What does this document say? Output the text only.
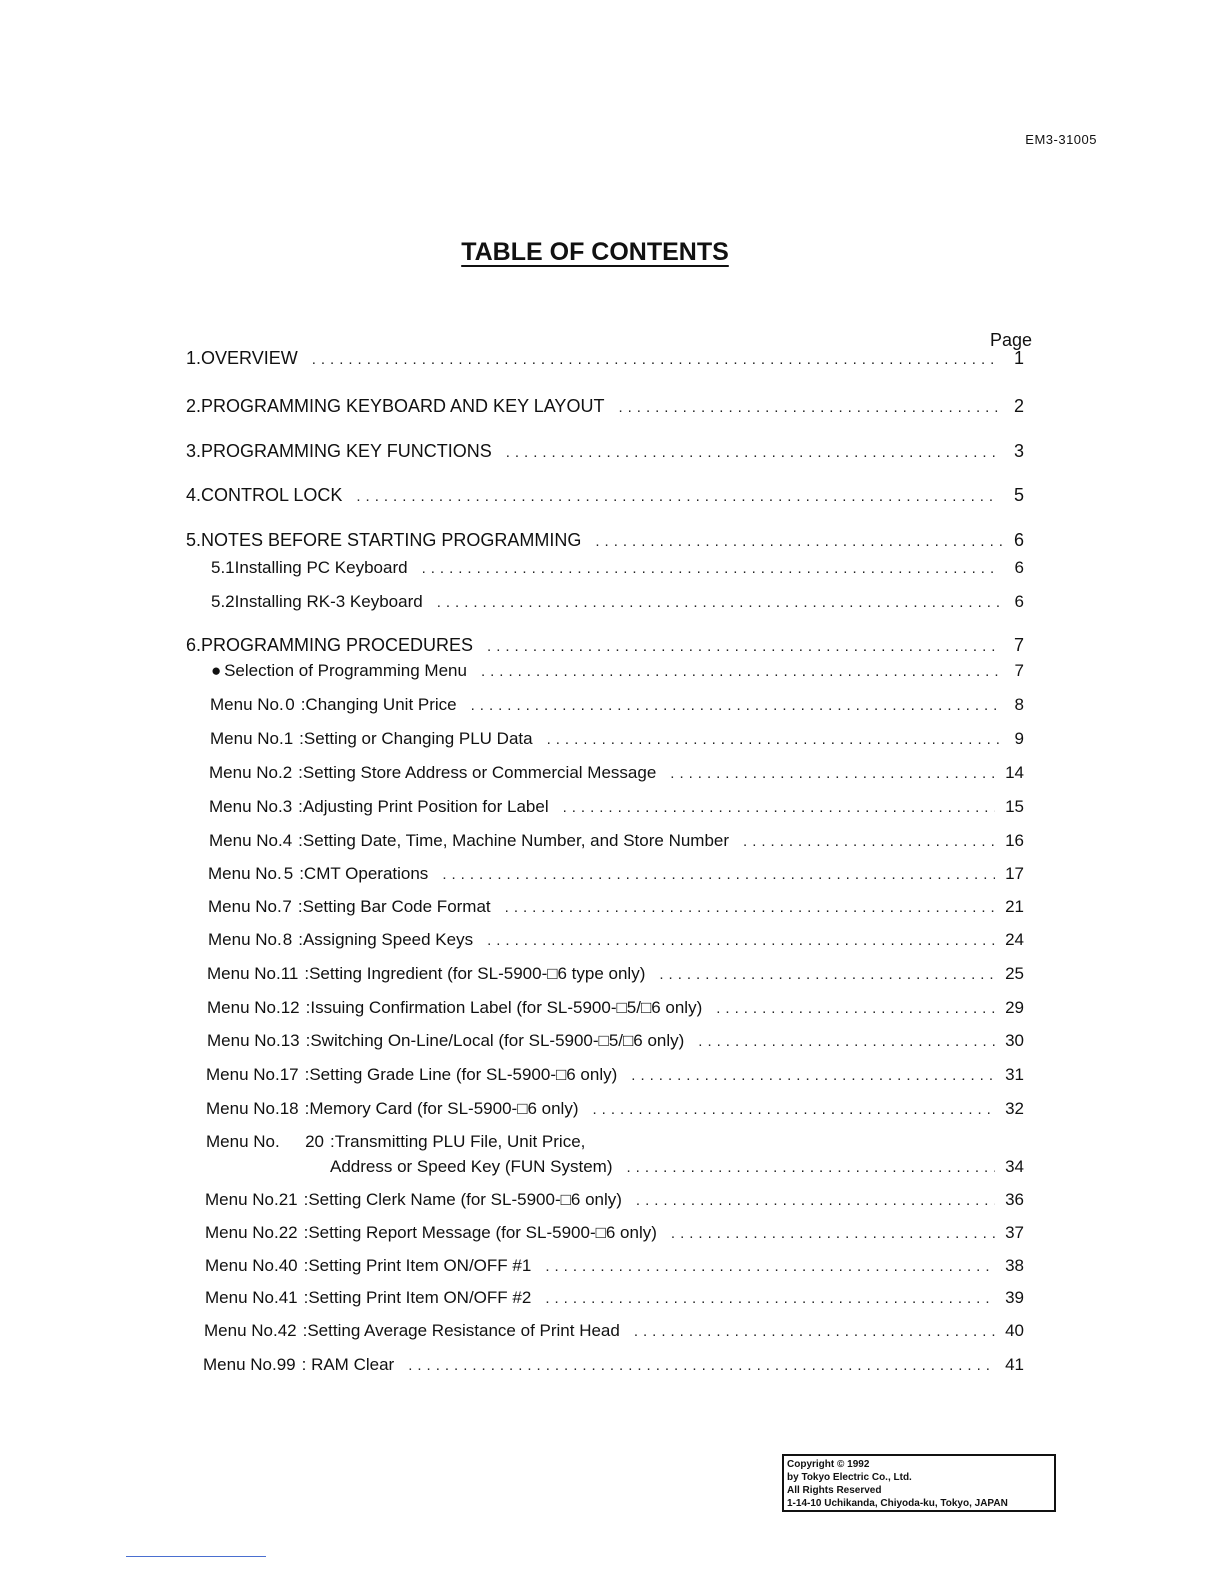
EM3-31005
TABLE OF CONTENTS
Page
1. OVERVIEW .....	1
2. PROGRAMMING KEYBOARD AND KEY LAYOUT .....	2
3. PROGRAMMING KEY FUNCTIONS .....	3
4. CONTROL LOCK .....	5
5. NOTES BEFORE STARTING PROGRAMMING .....	6
5.1 Installing PC Keyboard .....	6
5.2 Installing RK-3 Keyboard .....	6
6. PROGRAMMING PROCEDURES .....	7
● Selection of Programming Menu .....	7
Menu No. 0 :Changing Unit Price .....	8
Menu No. 1 :Setting or Changing PLU Data .....	9
Menu No. 2 :Setting Store Address or Commercial Message .....	14
Menu No. 3 :Adjusting Print Position for Label .....	15
Menu No. 4 :Setting Date, Time, Machine Number, and Store Number .....	16
Menu No. 5 :CMT Operations .....	17
Menu No. 7 :Setting Bar Code Format .....	21
Menu No. 8 :Assigning Speed Keys .....	24
Menu No. 11 :Setting Ingredient (for SL-5900-□6 type only) .....	25
Menu No. 12 :Issuing Confirmation Label (for SL-5900-□5/□6 only) .....	29
Menu No. 13 :Switching On-Line/Local (for SL-5900-□5/□6 only) .....	30
Menu No. 17 :Setting Grade Line (for SL-5900-□6 only) .....	31
Menu No. 18 :Memory Card (for SL-5900-□6 only) .....	32
Menu No. 20 :Transmitting PLU File, Unit Price,
Address or Speed Key (FUN System) .....	34
Menu No. 21 :Setting Clerk Name (for SL-5900-□6 only) .....	36
Menu No. 22 :Setting Report Message (for SL-5900-□6 only) .....	37
Menu No. 40 :Setting Print Item ON/OFF #1 .....	38
Menu No. 41 :Setting Print Item ON/OFF #2 .....	39
Menu No. 42 :Setting Average Resistance of Print Head .....	40
Menu No. 99 : RAM Clear .....	41
Copyright © 1992
by Tokyo Electric Co., Ltd.
All Rights Reserved
1-14-10 Uchikanda, Chiyoda-ku, Tokyo, JAPAN
